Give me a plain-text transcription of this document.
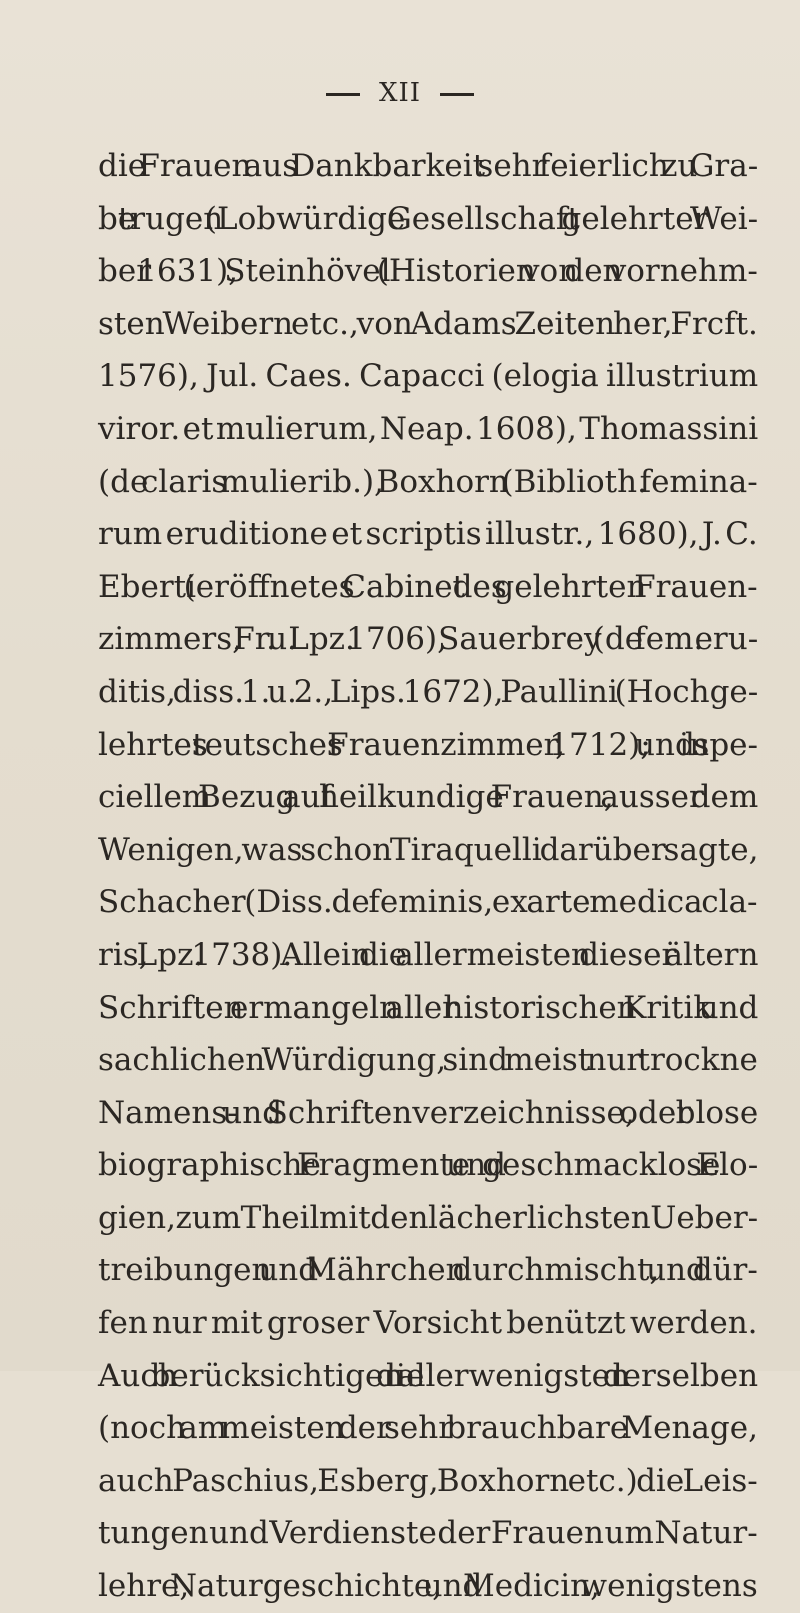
XII
die Frauen aus Dankbarkeit sehr feierlich zu Gra-
be trugen (Lobwürdige Gesellschaft gelehrter Wei-
ber 1631), Steinhövel (Historien von den vornehm-
sten Weibern etc., von Adams Zeiten her, Frcft.
1576), Jul. Caes. Capacci (elogia illustrium
viror. et mulierum, Neap. 1608), Thomassini
(de claris mulierib.), Boxhorn (Biblioth. femina-
rum eruditione et scriptis illustr., 1680), J. C.
Eberti (eröffnetes Cabinet des gelehrten Frauen-
zimmers, Fr. u. Lpz. 1706), Sauerbrey (de fem. eru-
ditis, diss. 1. u. 2., Lips. 1672), Paullini (Hochge-
lehrtes teutsches Frauenzimmer, 1712); und in spe-
ciellem Bezug auf heilkundige Frauen, ausser dem
Wenigen, was schon Tiraquelli darüber sagte,
Schacher (Diss. de feminis, ex arte medica cla-
ris, Lpz. 1738). Allein die allermeisten dieser ältern
Schriften ermangeln aller historischen Kritik und
sachlichen Würdigung, sind meist nur trockne
Namens- und Schriftenverzeichnisse, oder blose
biographische Fragmente und geschmacklose Elo-
gien, zum Theil mit den lächerlichsten Ueber-
treibungen und Mährchen durchmischt, und dür-
fen nur mit groser Vorsicht benützt werden.
Auch berücksichtigen die allerwenigsten derselben
(noch am meisten der sehr brauchbare Menage,
auch Paschius, Esberg, Boxhorn etc.) die Leis-
tungen und Verdienste der Frauen um Natur-
lehre, Naturgeschichte, und Medicin, wenigstens
